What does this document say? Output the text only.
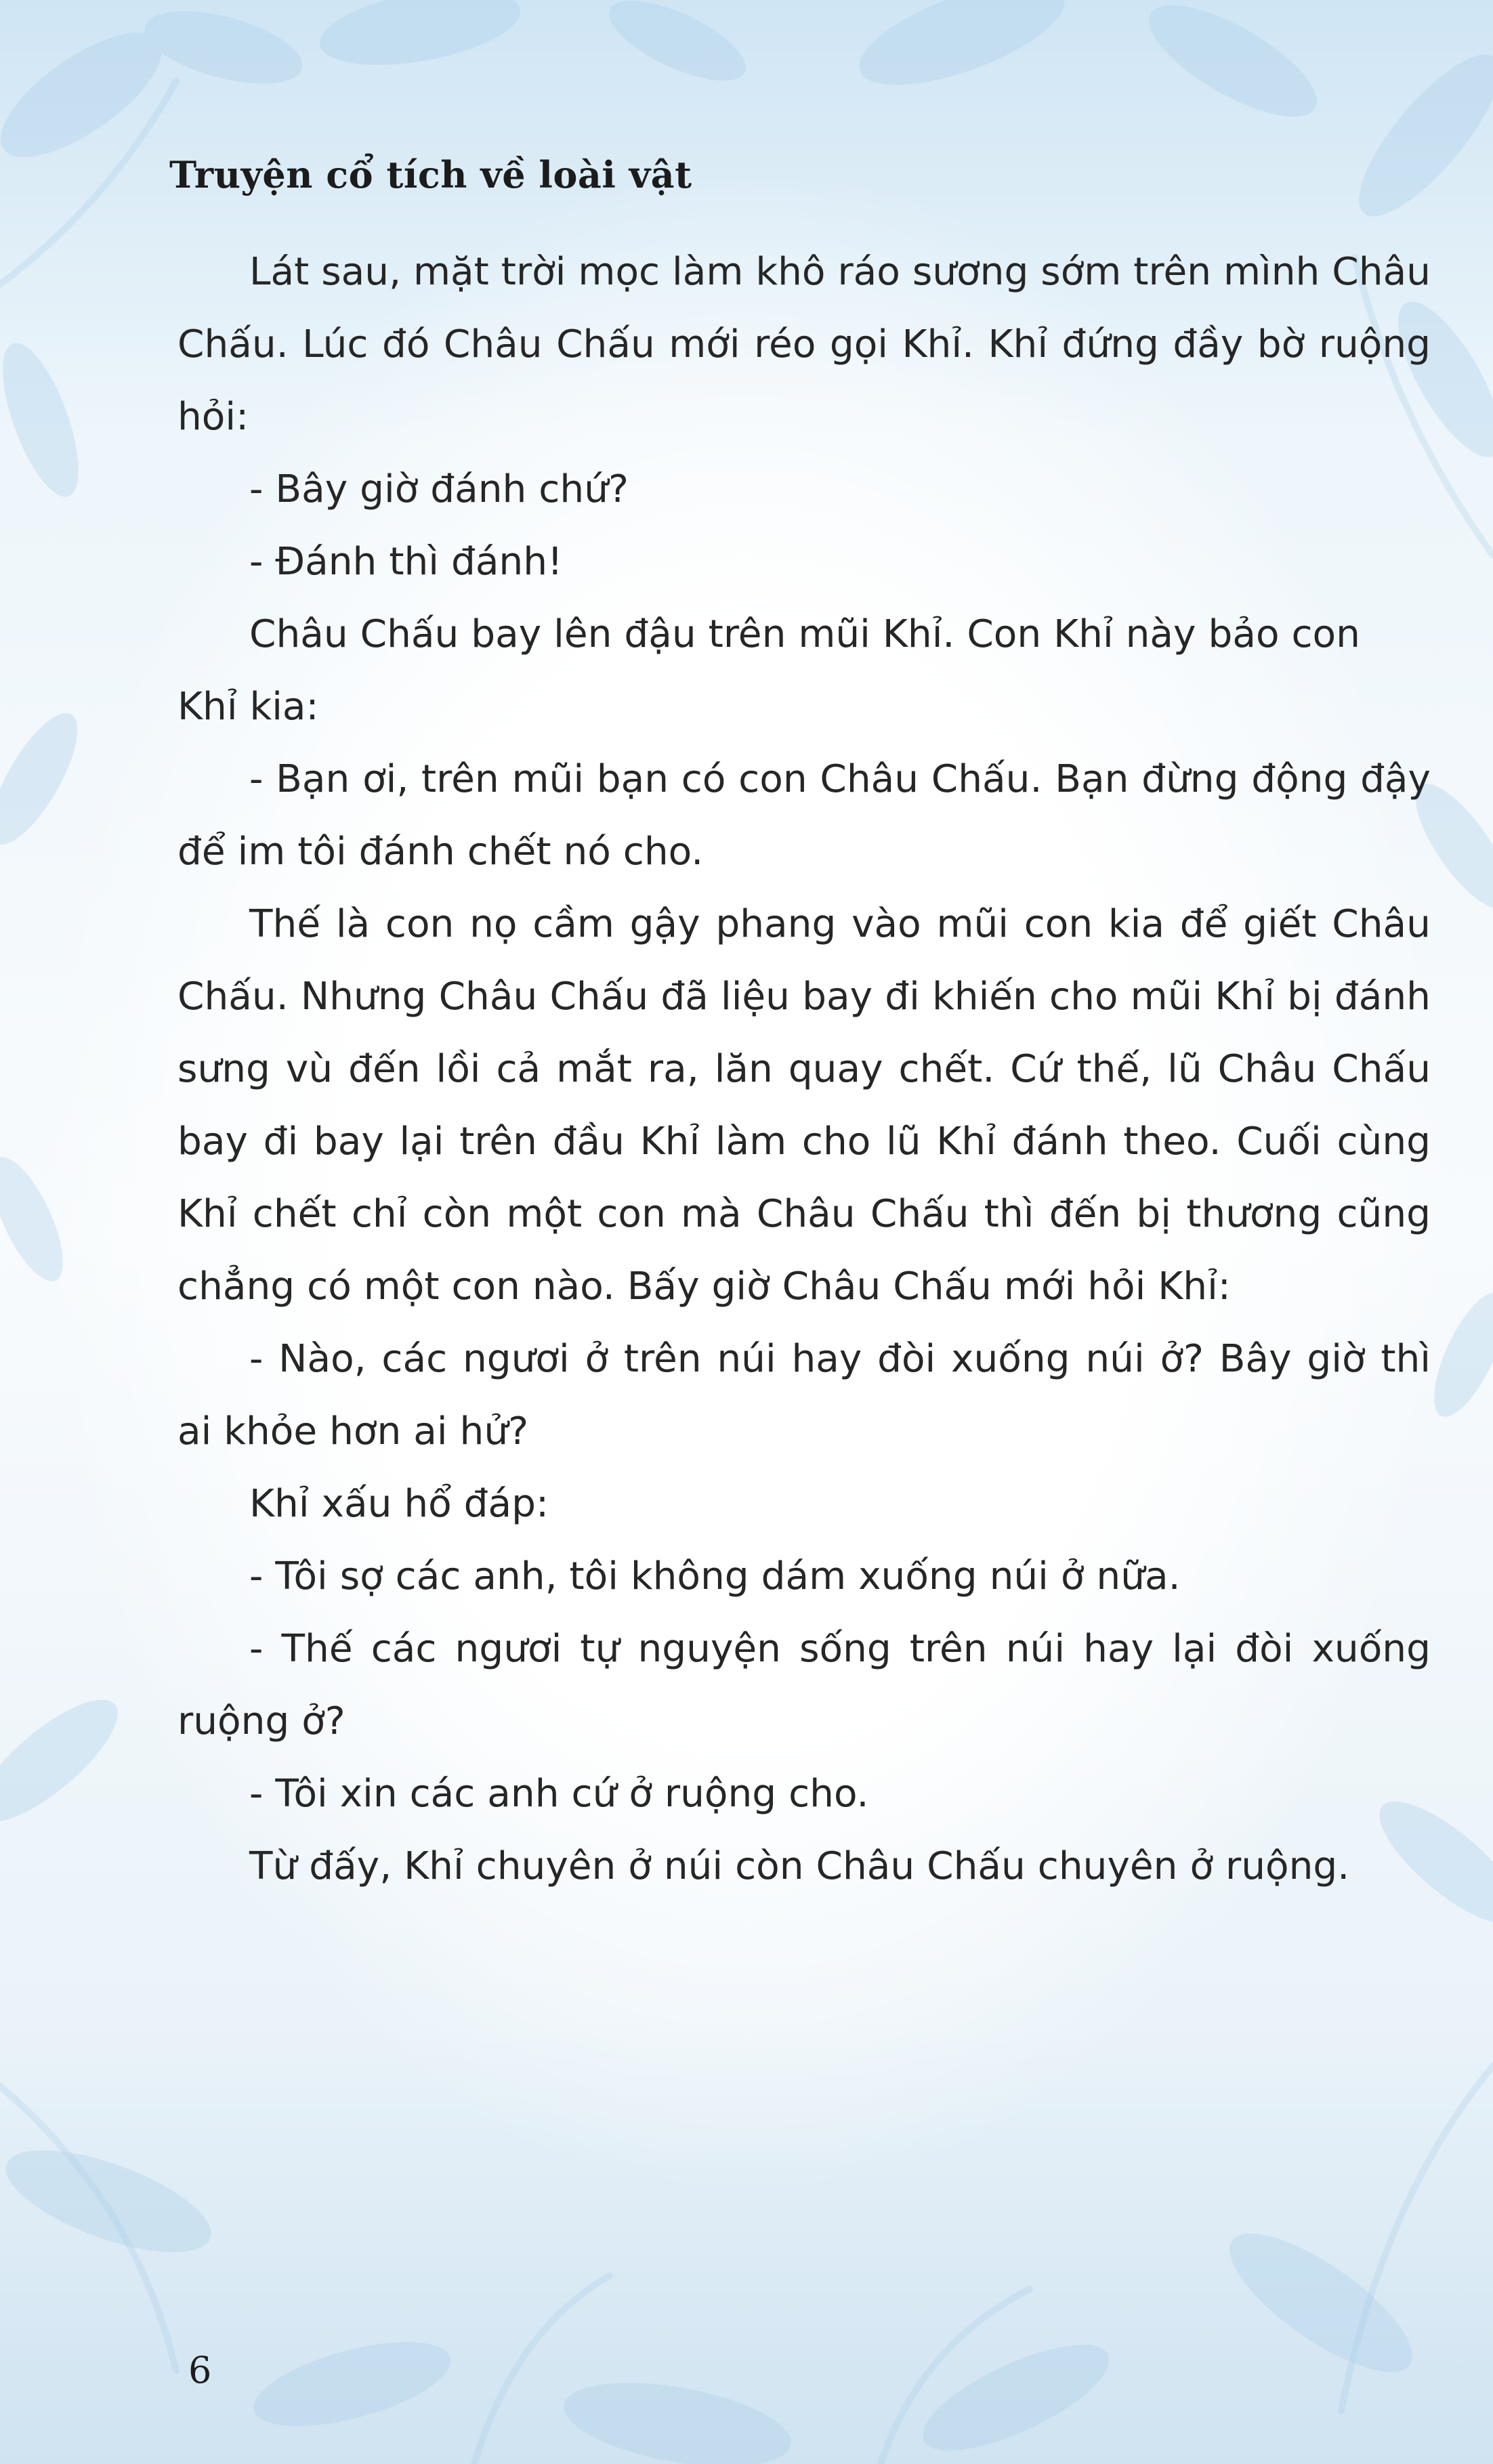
Truyện cổ tích về loài vật

Lát sau, mặt trời mọc làm khô ráo sương sớm trên mình Châu Chấu. Lúc đó Châu Chấu mới réo gọi Khỉ. Khỉ đứng đầy bờ ruộng hỏi:

- Bây giờ đánh chứ?

- Đánh thì đánh!

Châu Chấu bay lên đậu trên mũi Khỉ. Con Khỉ này bảo con Khỉ kia:

- Bạn ơi, trên mũi bạn có con Châu Chấu. Bạn đừng động đậy để im tôi đánh chết nó cho.

Thế là con nọ cầm gậy phang vào mũi con kia để giết Châu Chấu. Nhưng Châu Chấu đã liệu bay đi khiến cho mũi Khỉ bị đánh sưng vù đến lồi cả mắt ra, lăn quay chết. Cứ thế, lũ Châu Chấu bay đi bay lại trên đầu Khỉ làm cho lũ Khỉ đánh theo. Cuối cùng Khỉ chết chỉ còn một con mà Châu Chấu thì đến bị thương cũng chẳng có một con nào. Bấy giờ Châu Chấu mới hỏi Khỉ:

- Nào, các ngươi ở trên núi hay đòi xuống núi ở? Bây giờ thì ai khỏe hơn ai hử?

Khỉ xấu hổ đáp:

- Tôi sợ các anh, tôi không dám xuống núi ở nữa.

- Thế các ngươi tự nguyện sống trên núi hay lại đòi xuống ruộng ở?

- Tôi xin các anh cứ ở ruộng cho.

Từ đấy, Khỉ chuyên ở núi còn Châu Chấu chuyên ở ruộng.

6
